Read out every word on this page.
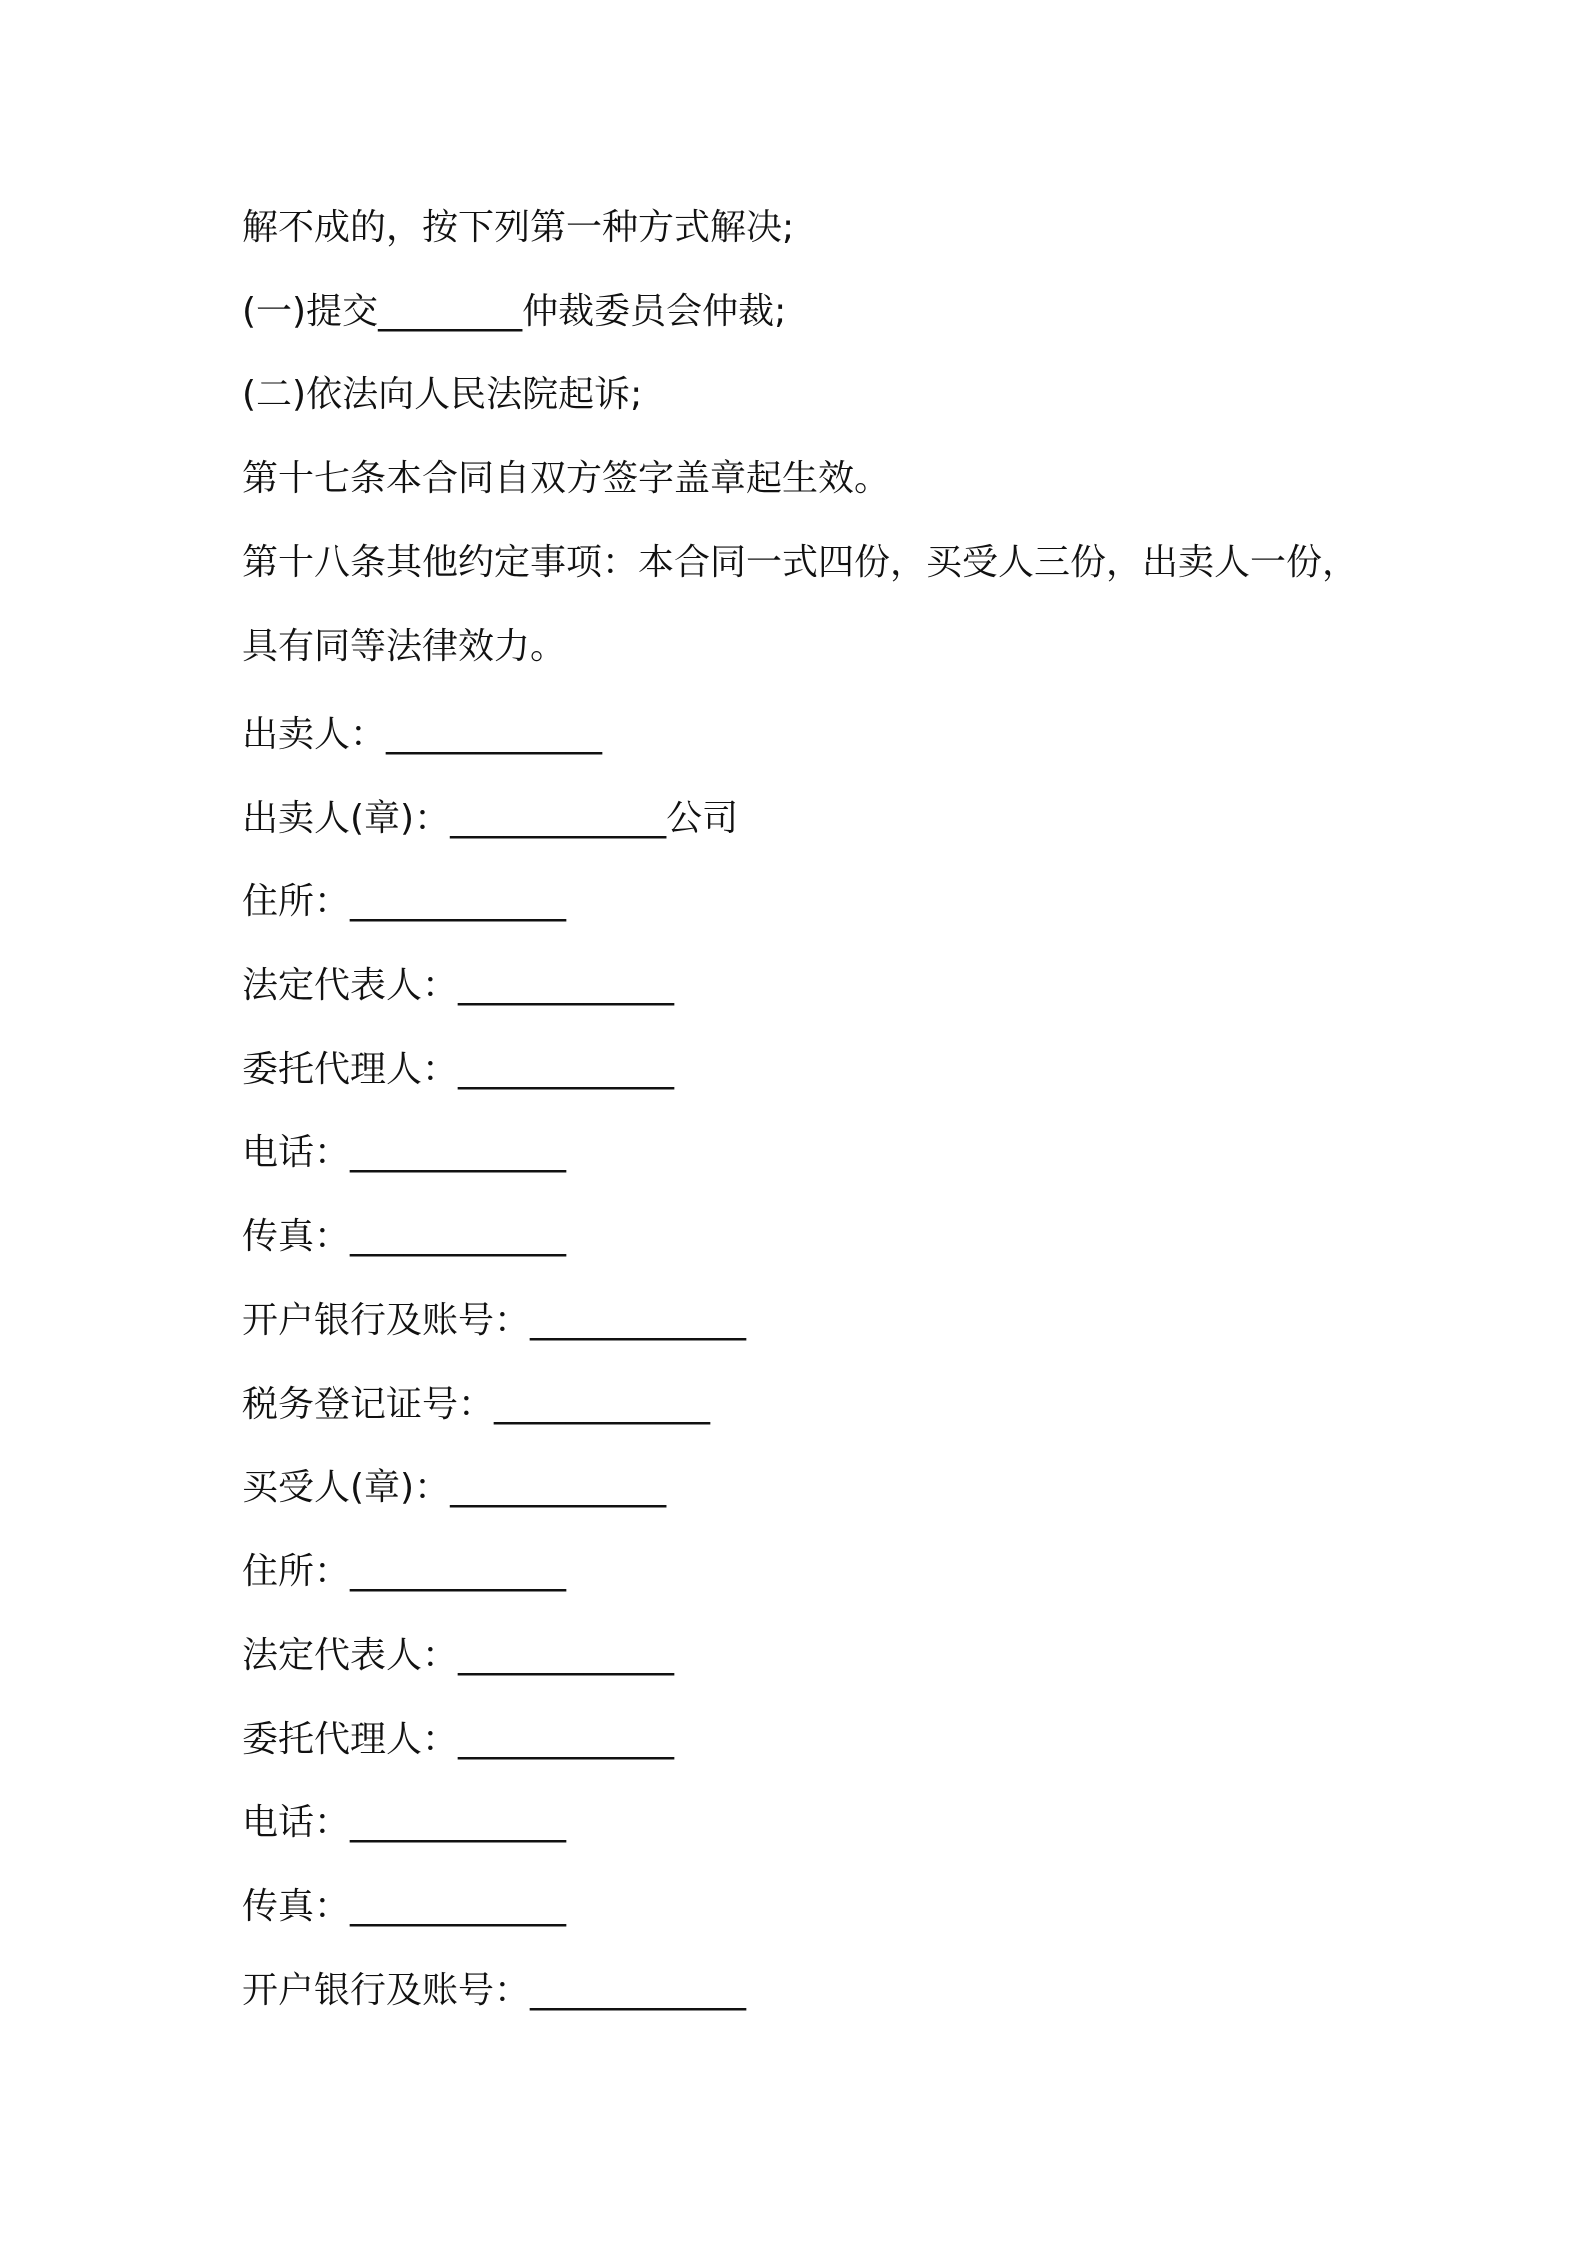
解不成的，按下列第一种方式解决;
(一)提交________仲裁委员会仲裁;
(二)依法向人民法院起诉;
第十七条本合同自双方签字盖章起生效。
第十八条其他约定事项：本合同一式四份，买受人三份，出卖人一份，
具有同等法律效力。
出卖人：____________
出卖人(章)：____________公司
住所：____________
法定代表人：____________
委托代理人：____________
电话：____________
传真：____________
开户银行及账号：____________
税务登记证号：____________
买受人(章)：____________
住所：____________
法定代表人：____________
委托代理人：____________
电话：____________
传真：____________
开户银行及账号：____________
